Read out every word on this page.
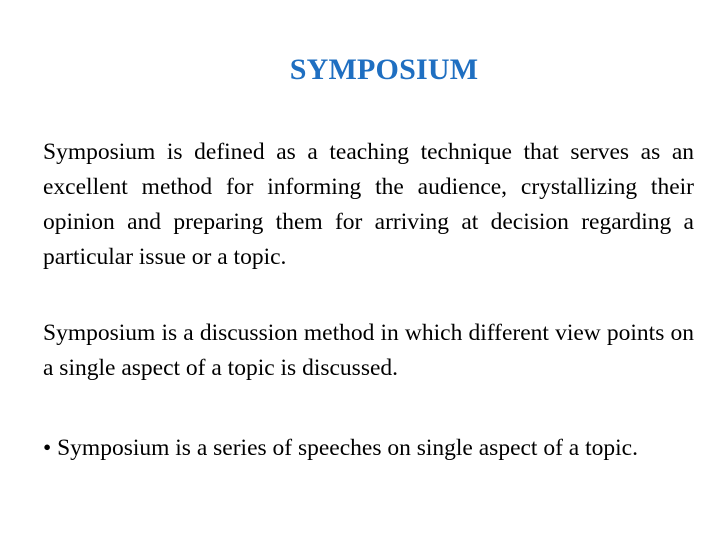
SYMPOSIUM
Symposium is defined as a teaching technique that serves as an excellent method for informing the audience, crystallizing their opinion and preparing them for arriving at decision regarding a particular issue or a topic.
Symposium is a discussion method in which different view points on a single aspect of a topic is discussed.
• Symposium is a series of speeches on single aspect of a topic.
